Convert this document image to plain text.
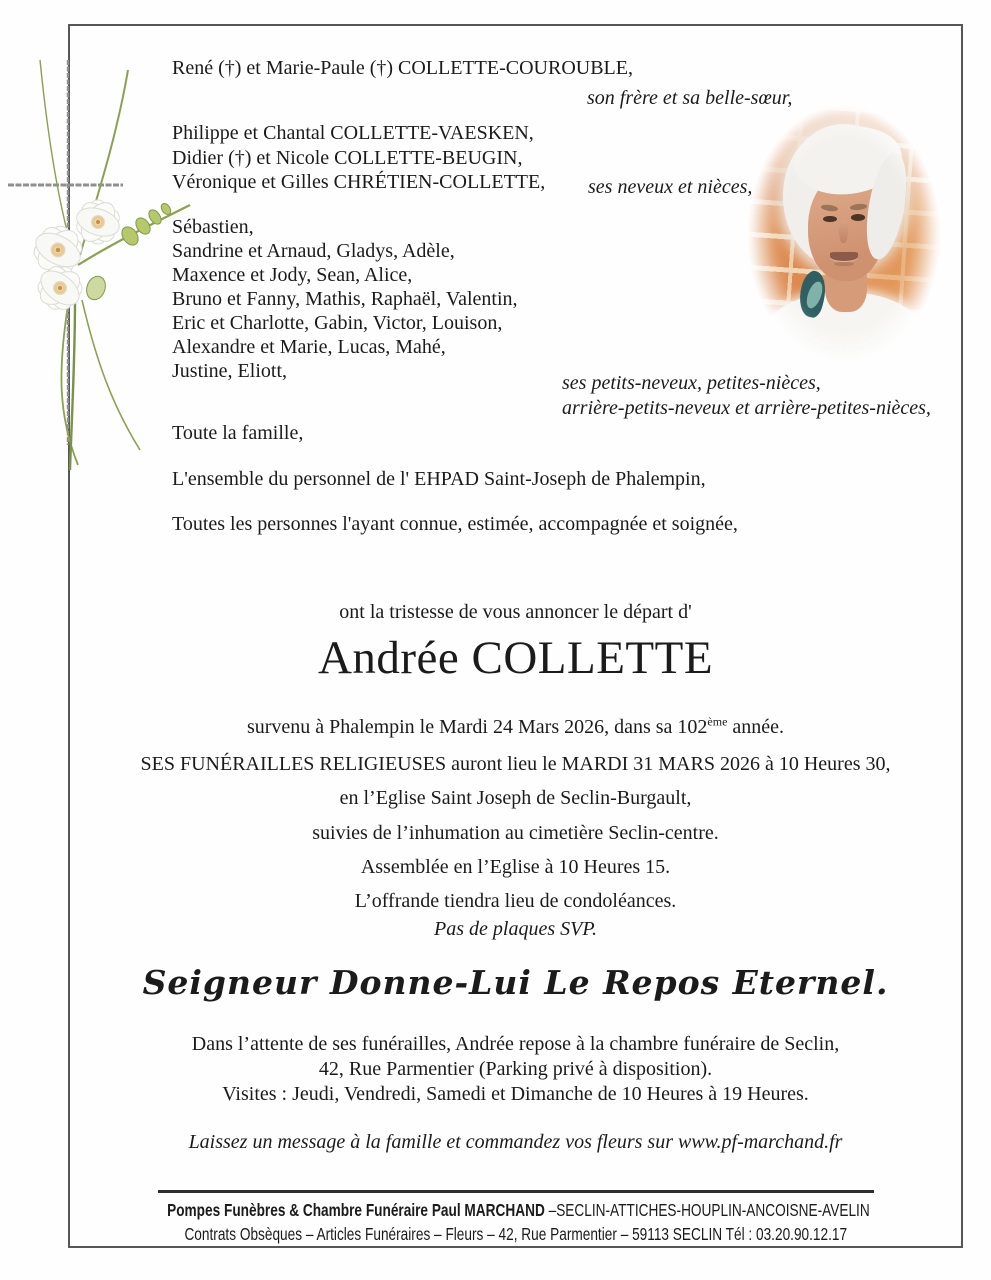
René (†) et Marie-Paule (†) COLLETTE-COUROUBLE,
son frère et sa belle-sœur,
Philippe et Chantal COLLETTE-VAESKEN,
Didier (†) et Nicole COLLETTE-BEUGIN,
Véronique et Gilles CHRÉTIEN-COLLETTE, ses neveux et nièces,
Sébastien,
Sandrine et Arnaud, Gladys, Adèle,
Maxence et Jody, Sean, Alice,
Bruno et Fanny, Mathis, Raphaël, Valentin,
Eric et Charlotte, Gabin, Victor, Louison,
Alexandre et Marie, Lucas, Mahé,
Justine, Eliott,
ses petits-neveux, petites-nièces,
arrière-petits-neveux et arrière-petites-nièces,
Toute la famille,
L'ensemble du personnel de l' EHPAD Saint-Joseph de Phalempin,
Toutes les personnes l'ayant connue, estimée, accompagnée et soignée,
ont la tristesse de vous annoncer le départ d'
Andrée COLLETTE
survenu à Phalempin le Mardi 24 Mars 2026, dans sa 102ème année.
SES FUNÉRAILLES RELIGIEUSES auront lieu le MARDI 31 MARS 2026 à 10 Heures 30,
en l’Eglise Saint Joseph de Seclin-Burgault,
suivies de l’inhumation au cimetière Seclin-centre.
Assemblée en l’Eglise à 10 Heures 15.
L’offrande tiendra lieu de condoléances.
Pas de plaques SVP.
Seigneur Donne-Lui Le Repos Eternel.
Dans l’attente de ses funérailles, Andrée repose à la chambre funéraire de Seclin,
42, Rue Parmentier (Parking privé à disposition).
Visites : Jeudi, Vendredi, Samedi et Dimanche de 10 Heures à 19 Heures.
Laissez un message à la famille et commandez vos fleurs sur www.pf-marchand.fr
Pompes Funèbres & Chambre Funéraire Paul MARCHAND –SECLIN-ATTICHES-HOUPLIN-ANCOISNE-AVELIN
Contrats Obsèques – Articles Funéraires – Fleurs – 42, Rue Parmentier – 59113 SECLIN Tél : 03.20.90.12.17
